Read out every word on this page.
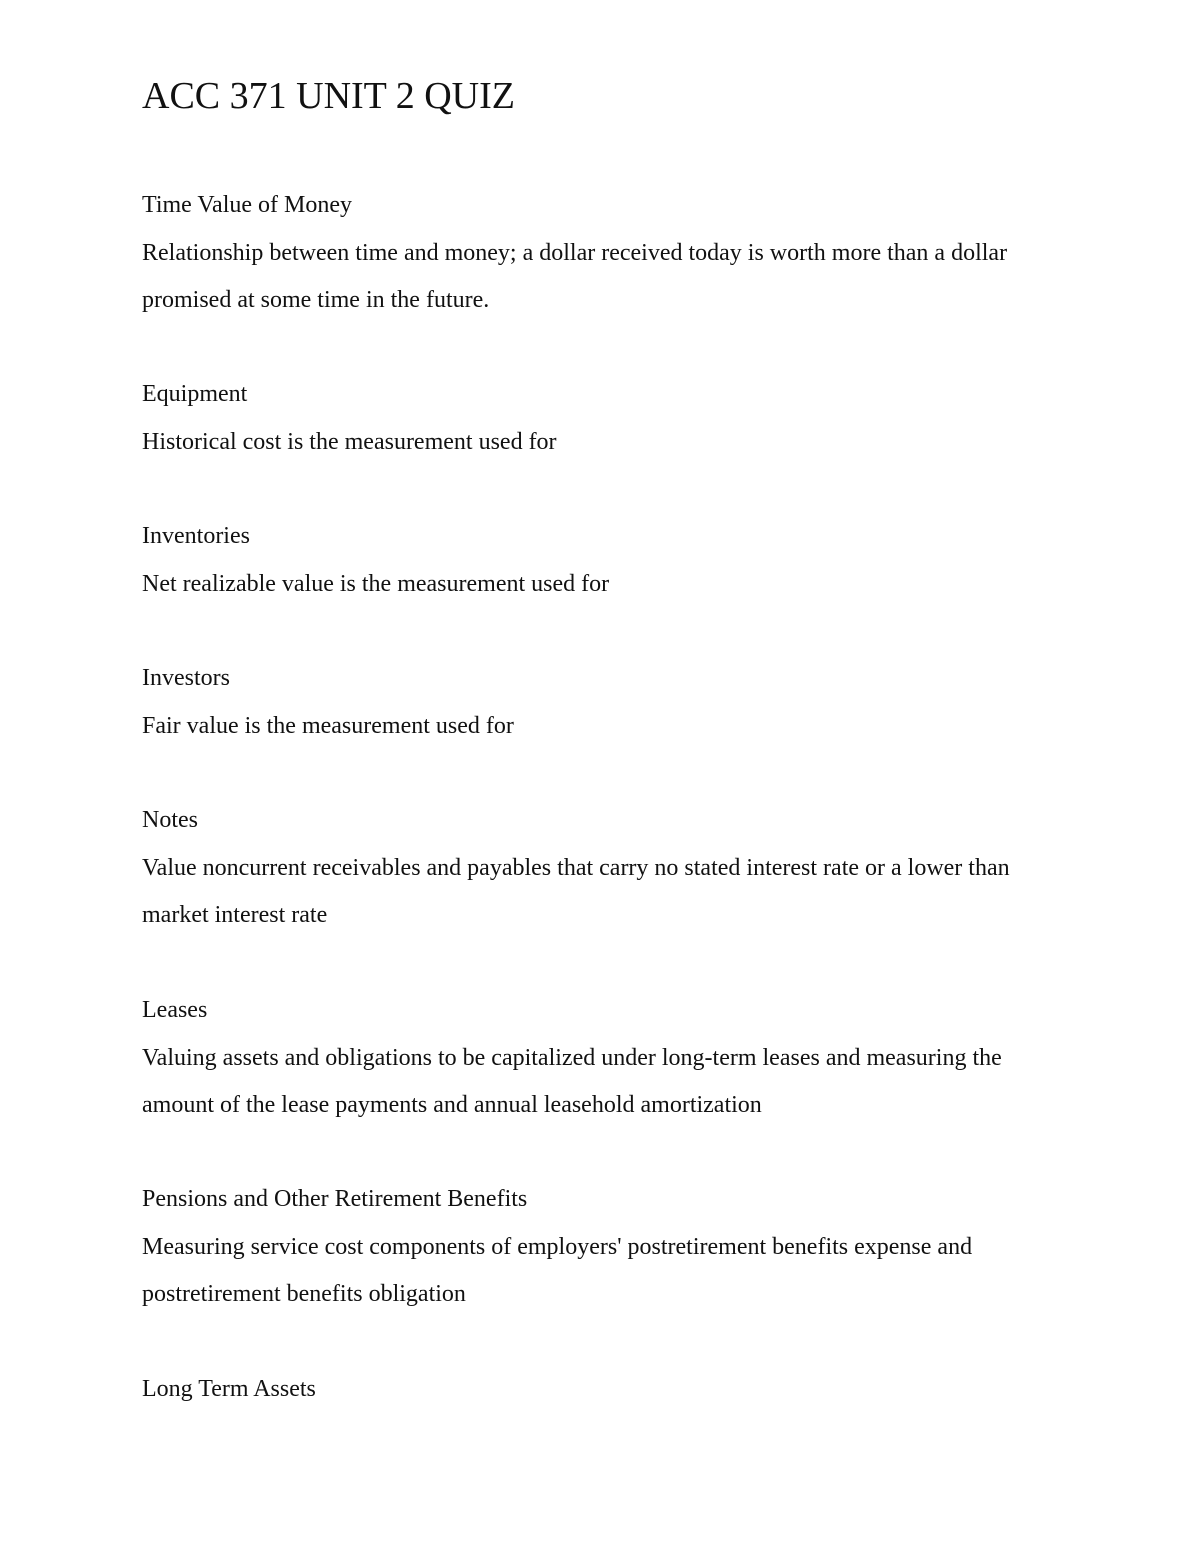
ACC 371 UNIT 2 QUIZ

Time Value of Money

Relationship between time and money; a dollar received today is worth more than a dollar promised at some time in the future.

Equipment

Historical cost is the measurement used for

Inventories

Net realizable value is the measurement used for

Investors

Fair value is the measurement used for

Notes

Value noncurrent receivables and payables that carry no stated interest rate or a lower than market interest rate

Leases

Valuing assets and obligations to be capitalized under long-term leases and measuring the amount of the lease payments and annual leasehold amortization

Pensions and Other Retirement Benefits

Measuring service cost components of employers' postretirement benefits expense and postretirement benefits obligation

Long Term Assets
